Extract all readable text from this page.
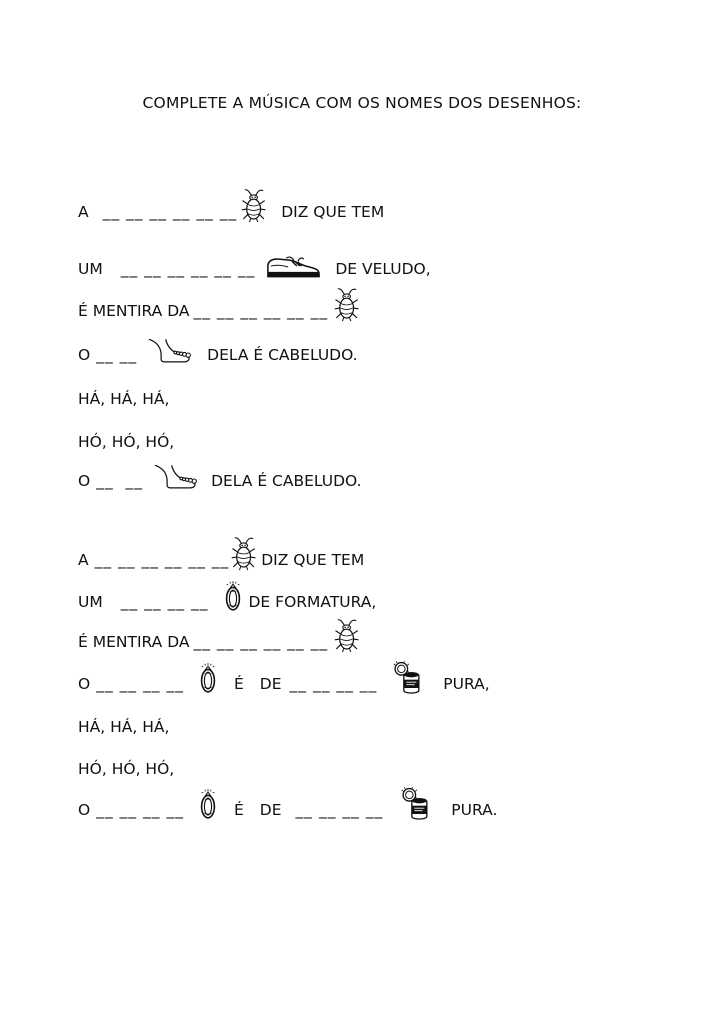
COMPLETE A MÚSICA COM OS NOMES DOS DESENHOS:
A __ __ __ __ __ __	DIZ QUE TEM
UM __ __ __ __ __ __	DE VELUDO,
É MENTIRA DA __ __ __ __ __ __
O __ __	DELA É CABELUDO.
HÁ, HÁ, HÁ,
HÓ, HÓ, HÓ,
O __  __	DELA É CABELUDO.
A __ __ __ __ __ __ DIZ QUE TEM
UM __ __ __ __	DE FORMATURA,
É MENTIRA DA __ __ __ __ __ __
O __ __ __ __	É DE __ __ __ __	PURA,
HÁ, HÁ, HÁ,
HÓ, HÓ, HÓ,
O __ __ __ __	É DE __ __ __ __	PURA.
